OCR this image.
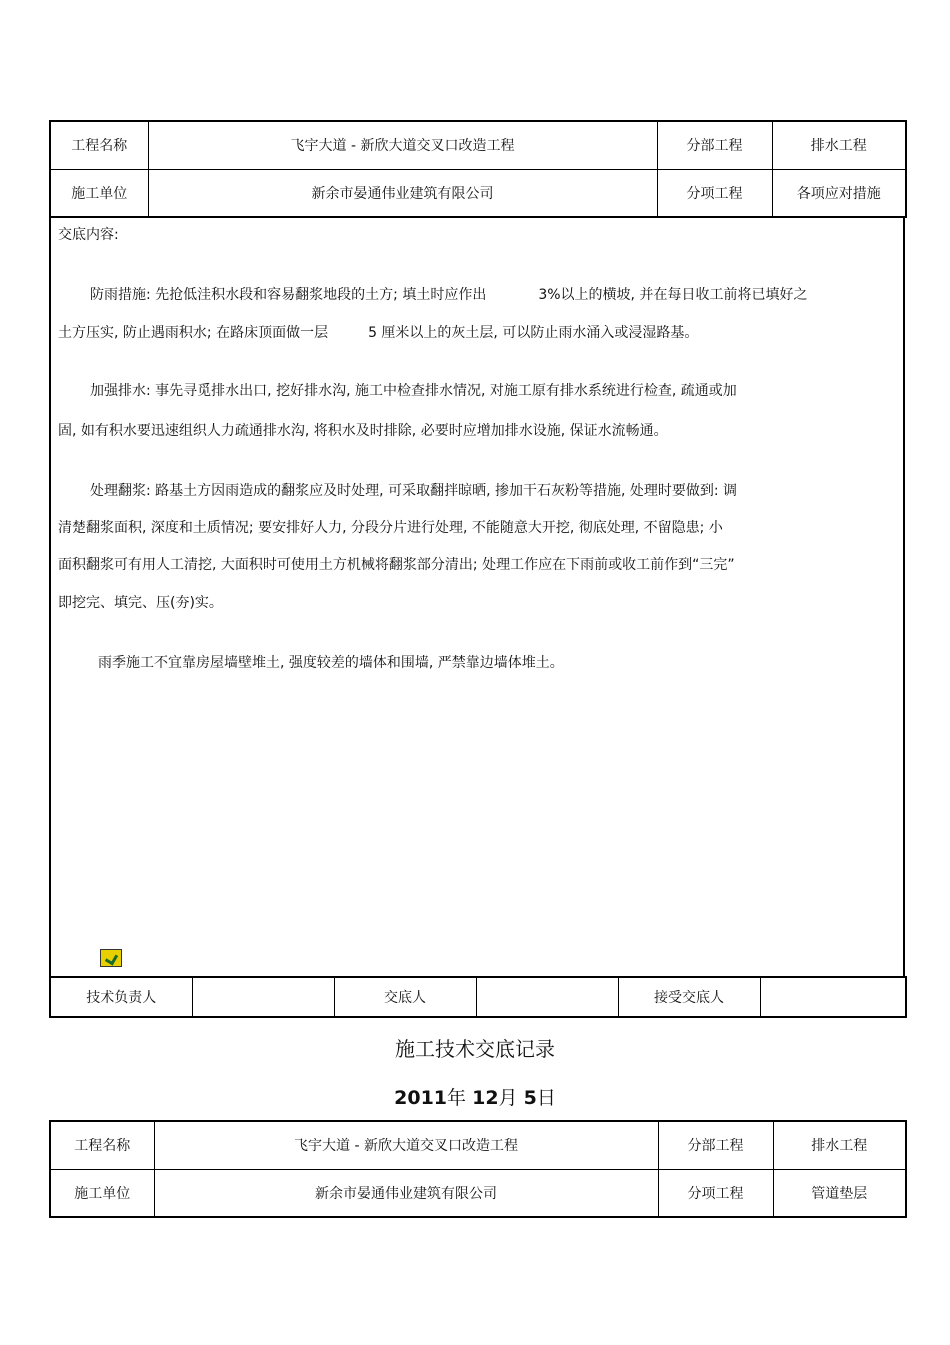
工程名称	飞宇大道 - 新欣大道交叉口改造工程	分部工程	排水工程
施工单位	新余市晏通伟业建筑有限公司	分项工程	各项应对措施
交底内容:
防雨措施: 先抢低洼积水段和容易翻浆地段的土方; 填土时应作出	3%以上的横坡, 并在每日收工前将已填好之
土方压实, 防止遇雨积水; 在路床顶面做一层	5 厘米以上的灰土层, 可以防止雨水涌入或浸湿路基。
加强排水: 事先寻觅排水出口, 挖好排水沟, 施工中检查排水情况, 对施工原有排水系统进行检查, 疏通或加
固, 如有积水要迅速组织人力疏通排水沟, 将积水及时排除, 必要时应增加排水设施, 保证水流畅通。
处理翻浆: 路基土方因雨造成的翻浆应及时处理, 可采取翻拌晾晒, 掺加干石灰粉等措施, 处理时要做到: 调
清楚翻浆面积, 深度和土质情况; 要安排好人力, 分段分片进行处理, 不能随意大开挖, 彻底处理, 不留隐患; 小
面积翻浆可有用人工清挖, 大面积时可使用土方机械将翻浆部分清出; 处理工作应在下雨前或收工前作到“三完”
即挖完、填完、压(夯)实。
雨季施工不宜靠房屋墙壁堆土, 强度较差的墙体和围墙, 严禁靠边墙体堆土。
技术负责人		交底人		接受交底人	
施工技术交底记录
2011年 12月 5日
工程名称	飞宇大道 - 新欣大道交叉口改造工程	分部工程	排水工程
施工单位	新余市晏通伟业建筑有限公司	分项工程	管道垫层
